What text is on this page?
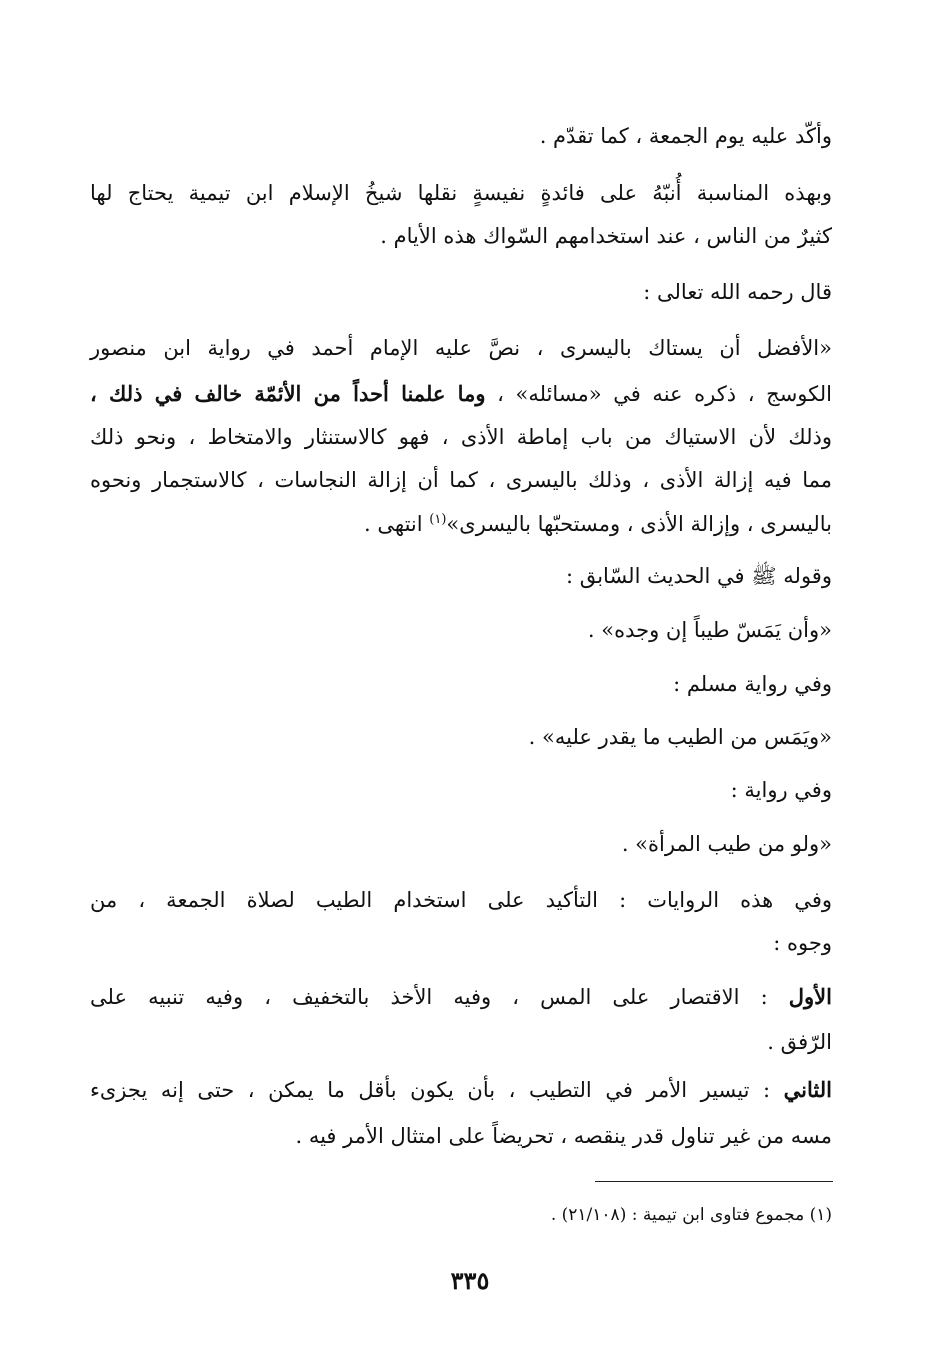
وأكّد عليه يوم الجمعة ، كما تقدّم .
وبهذه المناسبة أُنبّهُ على فائدةٍ نفيسةٍ نقلها شيخُ الإسلام ابن تيمية يحتاج لها
كثيرٌ من الناس ، عند استخدامهم السّواك هذه الأيام .
قال رحمه الله تعالى :
«الأفضل أن يستاك باليسرى ، نصَّ عليه الإمام أحمد في رواية ابن منصور
الكوسج ، ذكره عنه في «مسائله» ، وما علمنا أحداً من الأئمّة خالف في ذلك ،
وذلك لأن الاستياك من باب إماطة الأذى ، فهو كالاستنثار والامتخاط ، ونحو ذلك
مما فيه إزالة الأذى ، وذلك باليسرى ، كما أن إزالة النجاسات ، كالاستجمار ونحوه
باليسرى ، وإزالة الأذى ، ومستحبّها باليسرى»$^{(١)}$ انتهى .
وقوله ﷺ في الحديث السّابق :
«وأن يَمَسّ طيباً إن وجده» .
وفي رواية مسلم :
«ويَمَس من الطيب ما يقدر عليه» .
وفي رواية :
«ولو من طيب المرأة» .
وفي هذه الروايات : التأكيد على استخدام الطيب لصلاة الجمعة ، من
وجوه :
الأول : الاقتصار على المس ، وفيه الأخذ بالتخفيف ، وفيه تنبيه على
الرّفق .
الثاني : تيسير الأمر في التطيب ، بأن يكون بأقل ما يمكن ، حتى إنه يجزىء
مسه من غير تناول قدر ينقصه ، تحريضاً على امتثال الأمر فيه .
(١) مجموع فتاوى ابن تيمية : (٢١/١٠٨) .
٣٣٥
